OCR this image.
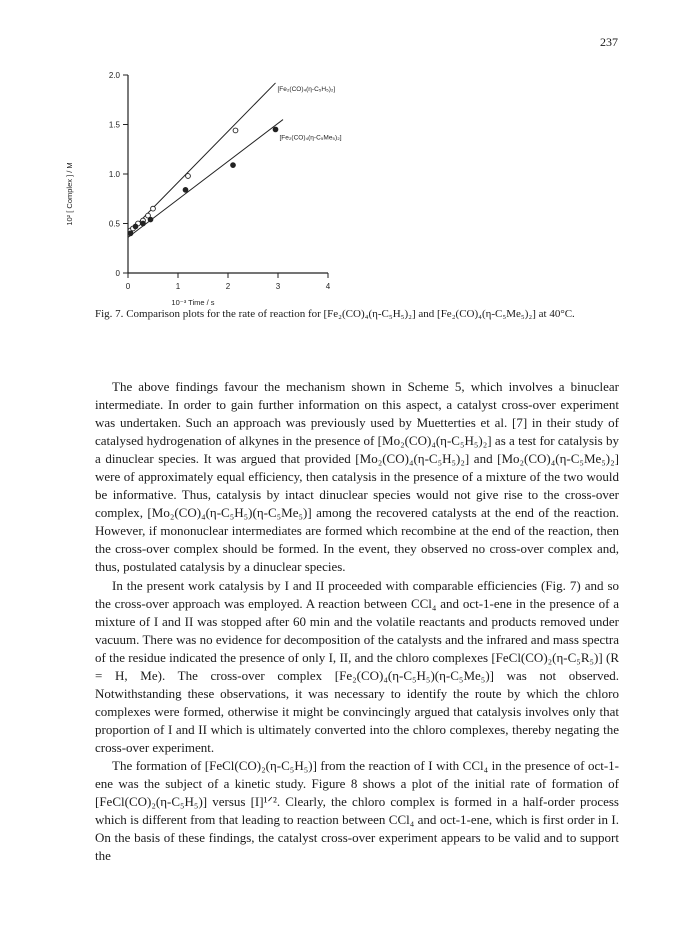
237
0
0.5
1.0
1.5
2.0
0	1	2	3	4
10⁻³ Time / s
10² [ Complex ] / M
[Fe₂(CO)₄(η-C₅H₅)₂]
[Fe₂(CO)₄(η-C₅Me₅)₂]
Fig. 7. Comparison plots for the rate of reaction for [Fe₂(CO)₄(η-C₅H₅)₂] and [Fe₂(CO)₄(η-C₅Me₅)₂] at 40°C.

The above findings favour the mechanism shown in Scheme 5, which involves a binuclear intermediate. In order to gain further information on this aspect, a catalyst cross-over experiment was undertaken. Such an approach was previously used by Muetterties et al. [7] in their study of catalysed hydrogenation of alkynes in the presence of [Mo₂(CO)₄(η-C₅H₅)₂] as a test for catalysis by a dinuclear species. It was argued that provided [Mo₂(CO)₄(η-C₅H₅)₂] and [Mo₂(CO)₄(η-C₅Me₅)₂] were of approximately equal efficiency, then catalysis in the presence of a mixture of the two would be informative. Thus, catalysis by intact dinuclear species would not give rise to the cross-over complex, [Mo₂(CO)₄(η-C₅H₅)(η-C₅Me₅)] among the recovered catalysts at the end of the reaction. However, if mononuclear intermediates are formed which recombine at the end of the reaction, then the cross-over complex should be formed. In the event, they observed no cross-over complex and, thus, postulated catalysis by a dinuclear species.

In the present work catalysis by I and II proceeded with comparable efficiencies (Fig. 7) and so the cross-over approach was employed. A reaction between CCl₄ and oct-1-ene in the presence of a mixture of I and II was stopped after 60 min and the volatile reactants and products removed under vacuum. There was no evidence for decomposition of the catalysts and the infrared and mass spectra of the residue indicated the presence of only I, II, and the chloro complexes [FeCl(CO)₂(η-C₅R₅)] (R = H, Me). The cross-over complex [Fe₂(CO)₄(η-C₅H₅)(η-C₅Me₅)] was not observed. Notwithstanding these observations, it was necessary to identify the route by which the chloro complexes were formed, otherwise it might be convincingly argued that catalysis involves only that proportion of I and II which is ultimately converted into the chloro complexes, thereby negating the cross-over experiment.

The formation of [FeCl(CO)₂(η-C₅H₅)] from the reaction of I with CCl₄ in the presence of oct-1-ene was the subject of a kinetic study. Figure 8 shows a plot of the initial rate of formation of [FeCl(CO)₂(η-C₅H₅)] versus [I]¹ᐟ². Clearly, the chloro complex is formed in a half-order process which is different from that leading to reaction between CCl₄ and oct-1-ene, which is first order in I. On the basis of these findings, the catalyst cross-over experiment appears to be valid and to support the
